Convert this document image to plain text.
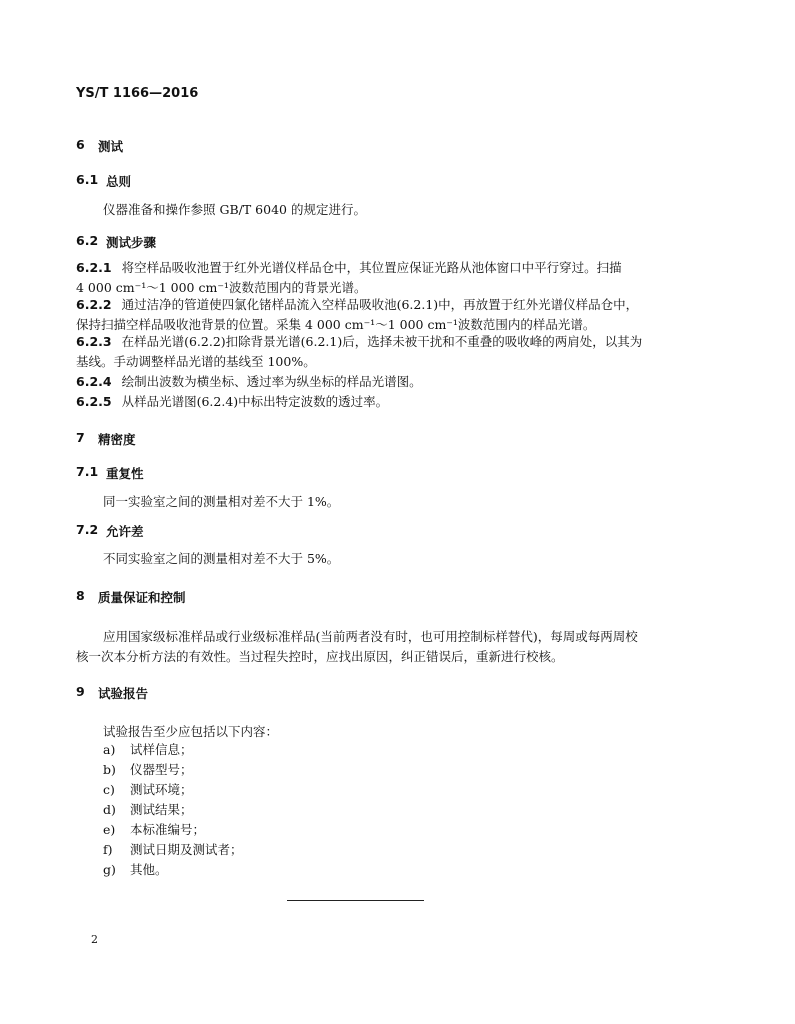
YS/T 1166—2016
6	测试
6.1 总则
仪器准备和操作参照 GB/T 6040 的规定进行。
6.2 测试步骤
6.2.1 将空样品吸收池置于红外光谱仪样品仓中，其位置应保证光路从池体窗口中平行穿过。扫描
4 000 cm⁻¹～1 000 cm⁻¹波数范围内的背景光谱。
6.2.2 通过洁净的管道使四氯化锗样品流入空样品吸收池(6.2.1)中，再放置于红外光谱仪样品仓中，
保持扫描空样品吸收池背景的位置。采集 4 000 cm⁻¹～1 000 cm⁻¹波数范围内的样品光谱。
6.2.3 在样品光谱(6.2.2)扣除背景光谱(6.2.1)后，选择未被干扰和不重叠的吸收峰的两肩处，以其为
基线。手动调整样品光谱的基线至 100%。
6.2.4 绘制出波数为横坐标、透过率为纵坐标的样品光谱图。
6.2.5 从样品光谱图(6.2.4)中标出特定波数的透过率。
7	精密度
7.1 重复性
同一实验室之间的测量相对差不大于 1%。
7.2 允许差
不同实验室之间的测量相对差不大于 5%。
8	质量保证和控制
应用国家级标准样品或行业级标准样品(当前两者没有时，也可用控制标样替代)，每周或每两周校
核一次本分析方法的有效性。当过程失控时，应找出原因，纠正错误后，重新进行校核。
9	试验报告
试验报告至少应包括以下内容：
a)	试样信息；
b)	仪器型号；
c)	测试环境；
d)	测试结果；
e)	本标准编号；
f)	测试日期及测试者；
g)	其他。
2
